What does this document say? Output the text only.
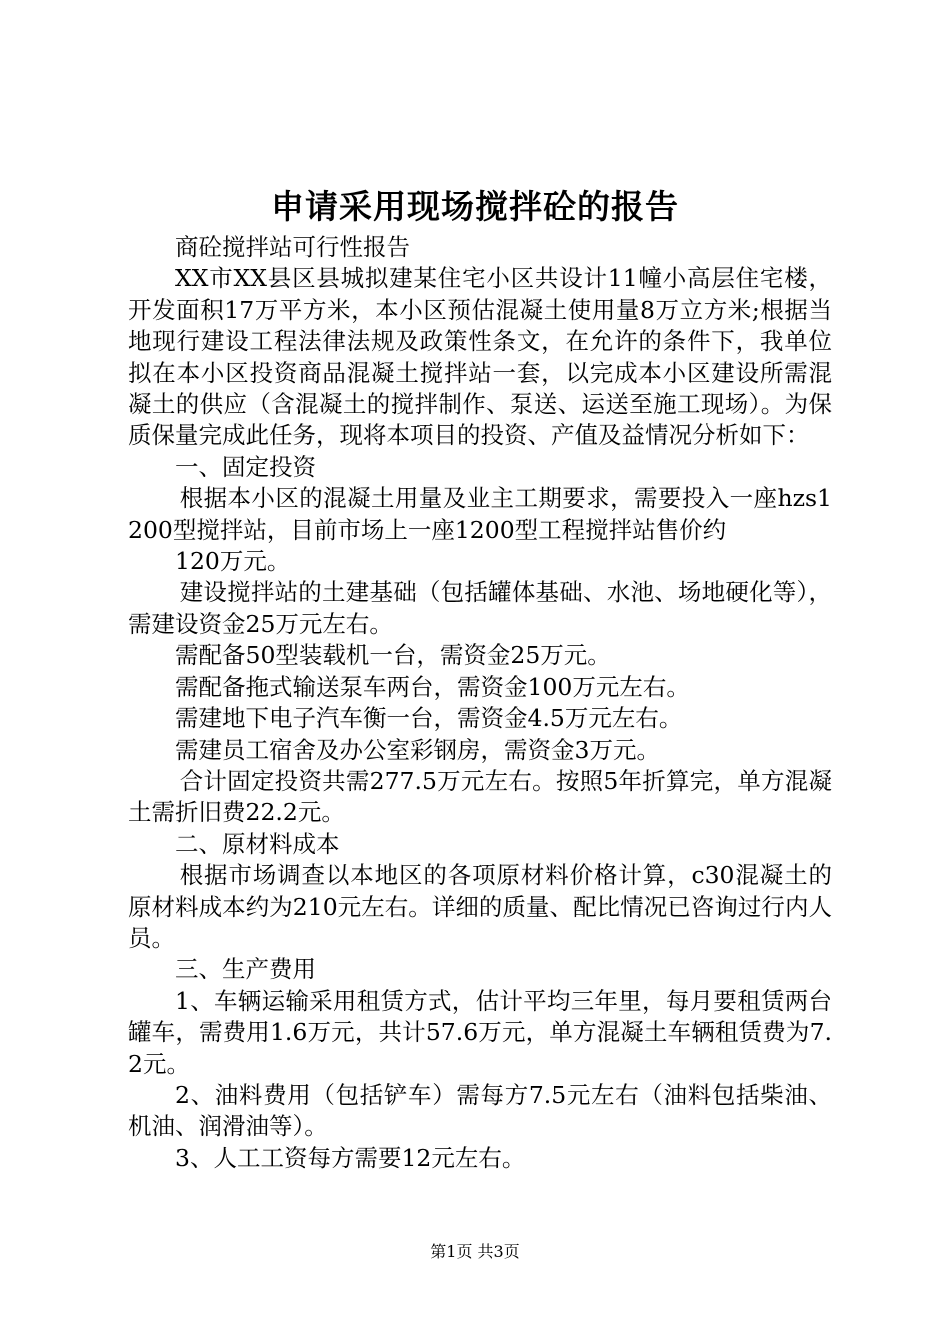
申请采用现场搅拌砼的报告

商砼搅拌站可行性报告

XX市XX县区县城拟建某住宅小区共设计11幢小高层住宅楼，开发面积17万平方米，本小区预估混凝土使用量8万立方米;根据当地现行建设工程法律法规及政策性条文，在允许的条件下，我单位拟在本小区投资商品混凝土搅拌站一套，以完成本小区建设所需混凝土的供应（含混凝土的搅拌制作、泵送、运送至施工现场）。为保质保量完成此任务，现将本项目的投资、产值及益情况分析如下：

一、固定投资

根据本小区的混凝土用量及业主工期要求，需要投入一座hzs1200型搅拌站，目前市场上一座1200型工程搅拌站售价约

120万元。

建设搅拌站的土建基础（包括罐体基础、水池、场地硬化等），需建设资金25万元左右。

需配备50型装载机一台，需资金25万元。

需配备拖式输送泵车两台，需资金100万元左右。

需建地下电子汽车衡一台，需资金4.5万元左右。

需建员工宿舍及办公室彩钢房，需资金3万元。

合计固定投资共需277.5万元左右。按照5年折算完，单方混凝土需折旧费22.2元。

二、原材料成本

根据市场调查以本地区的各项原材料价格计算，c30混凝土的原材料成本约为210元左右。详细的质量、配比情况已咨询过行内人员。

三、生产费用

1、车辆运输采用租赁方式，估计平均三年里，每月要租赁两台罐车，需费用1.6万元，共计57.6万元，单方混凝土车辆租赁费为7.2元。

2、油料费用（包括铲车）需每方7.5元左右（油料包括柴油、机油、润滑油等）。

3、人工工资每方需要12元左右。

第1页 共3页
